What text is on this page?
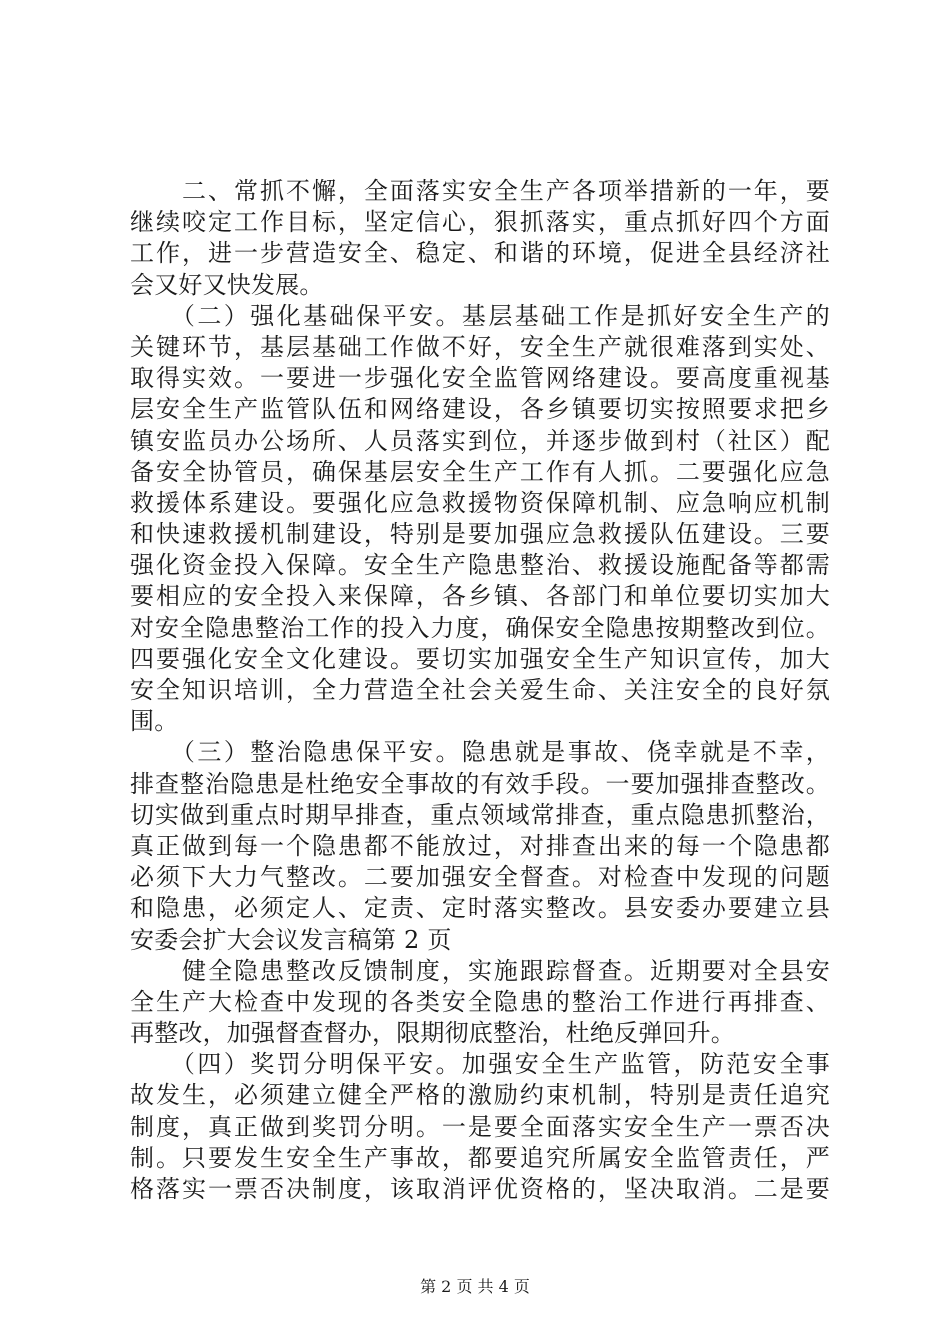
　　二、常抓不懈，全面落实安全生产各项举措新的一年，要
继续咬定工作目标，坚定信心，狠抓落实，重点抓好四个方面
工作，进一步营造安全、稳定、和谐的环境，促进全县经济社
会又好又快发展。
　　（二）强化基础保平安。基层基础工作是抓好安全生产的
关键环节，基层基础工作做不好，安全生产就很难落到实处、
取得实效。一要进一步强化安全监管网络建设。要高度重视基
层安全生产监管队伍和网络建设，各乡镇要切实按照要求把乡
镇安监员办公场所、人员落实到位，并逐步做到村（社区）配
备安全协管员，确保基层安全生产工作有人抓。二要强化应急
救援体系建设。要强化应急救援物资保障机制、应急响应机制
和快速救援机制建设，特别是要加强应急救援队伍建设。三要
强化资金投入保障。安全生产隐患整治、救援设施配备等都需
要相应的安全投入来保障，各乡镇、各部门和单位要切实加大
对安全隐患整治工作的投入力度，确保安全隐患按期整改到位。
四要强化安全文化建设。要切实加强安全生产知识宣传，加大
安全知识培训，全力营造全社会关爱生命、关注安全的良好氛
围。
　　（三）整治隐患保平安。隐患就是事故、侥幸就是不幸，
排查整治隐患是杜绝安全事故的有效手段。一要加强排查整改。
切实做到重点时期早排查，重点领域常排查，重点隐患抓整治，
真正做到每一个隐患都不能放过，对排查出来的每一个隐患都
必须下大力气整改。二要加强安全督查。对检查中发现的问题
和隐患，必须定人、定责、定时落实整改。县安委办要建立县
安委会扩大会议发言稿第 2 页
　　健全隐患整改反馈制度，实施跟踪督查。近期要对全县安
全生产大检查中发现的各类安全隐患的整治工作进行再排查、
再整改，加强督查督办，限期彻底整治，杜绝反弹回升。
　　（四）奖罚分明保平安。加强安全生产监管，防范安全事
故发生，必须建立健全严格的激励约束机制，特别是责任追究
制度，真正做到奖罚分明。一是要全面落实安全生产一票否决
制。只要发生安全生产事故，都要追究所属安全监管责任，严
格落实一票否决制度，该取消评优资格的，坚决取消。二是要
第 2 页 共 4 页
